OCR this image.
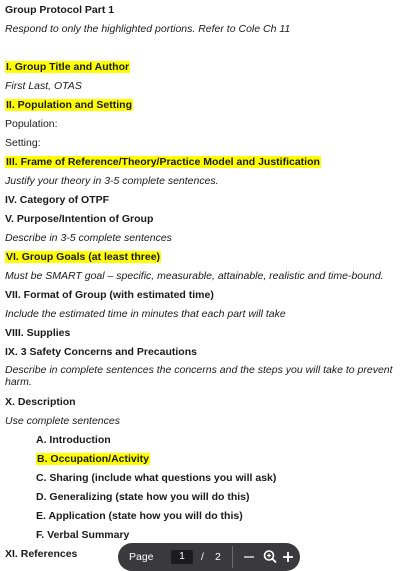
Group Protocol Part 1
Respond to only the highlighted portions. Refer to Cole Ch 11
I. Group Title and Author
First Last, OTAS
II. Population and Setting
Population:
Setting:
III. Frame of Reference/Theory/Practice Model and Justification
Justify your theory in 3-5 complete sentences.
IV. Category of OTPF
V. Purpose/Intention of Group
Describe in 3-5 complete sentences
VI. Group Goals (at least three)
Must be SMART goal – specific, measurable, attainable, realistic and time-bound.
VII. Format of Group (with estimated time)
Include the estimated time in minutes that each part will take
VIII. Supplies
IX. 3 Safety Concerns and Precautions
Describe in complete sentences the concerns and the steps you will take to prevent harm.
X. Description
Use complete sentences
A. Introduction
B. Occupation/Activity
C. Sharing (include what questions you will ask)
D. Generalizing (state how you will do this)
E. Application (state how you will do this)
F. Verbal Summary
XI. References	Page	1	/ 2
